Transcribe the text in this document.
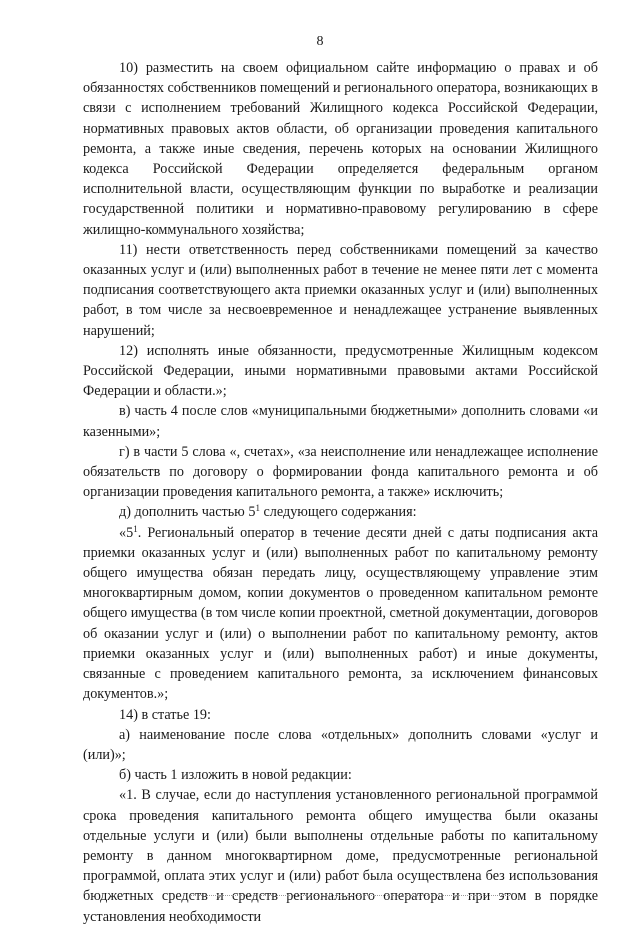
8

10) разместить на своем официальном сайте информацию о правах и об обязанностях собственников помещений и регионального оператора, возникающих в связи с исполнением требований Жилищного кодекса Российской Федерации, нормативных правовых актов области, об организации проведения капитального ремонта, а также иные сведения, перечень которых на основании Жилищного кодекса Российской Федерации определяется федеральным органом исполнительной власти, осуществляющим функции по выработке и реализации государственной политики и нормативно-правовому регулированию в сфере жилищно-коммунального хозяйства;

11) нести ответственность перед собственниками помещений за качество оказанных услуг и (или) выполненных работ в течение не менее пяти лет с момента подписания соответствующего акта приемки оказанных услуг и (или) выполненных работ, в том числе за несвоевременное и ненадлежащее устранение выявленных нарушений;

12) исполнять иные обязанности, предусмотренные Жилищным кодексом Российской Федерации, иными нормативными правовыми актами Российской Федерации и области.»;

в) часть 4 после слов «муниципальными бюджетными» дополнить словами «и казенными»;

г) в части 5 слова «, счетах», «за неисполнение или ненадлежащее исполнение обязательств по договору о формировании фонда капитального ремонта и об организации проведения капитального ремонта, а также» исключить;

д) дополнить частью $5^1$ следующего содержания:

«$5^1$. Региональный оператор в течение десяти дней с даты подписания акта приемки оказанных услуг и (или) выполненных работ по капитальному ремонту общего имущества обязан передать лицу, осуществляющему управление этим многоквартирным домом, копии документов о проведенном капитальном ремонте общего имущества (в том числе копии проектной, сметной документации, договоров об оказании услуг и (или) о выполнении работ по капитальному ремонту, актов приемки оказанных услуг и (или) выполненных работ) и иные документы, связанные с проведением капитального ремонта, за исключением финансовых документов.»;

14) в статье 19:

а) наименование после слова «отдельных» дополнить словами «услуг и (или)»;

б) часть 1 изложить в новой редакции:

«1. В случае, если до наступления установленного региональной программой срока проведения капитального ремонта общего имущества были оказаны отдельные услуги и (или) были выполнены отдельные работы по капитальному ремонту в данном многоквартирном доме, предусмотренные региональной программой, оплата этих услуг и (или) работ была осуществлена без использования бюджетных средств и средств регионального оператора и при этом в порядке установления необходимости
